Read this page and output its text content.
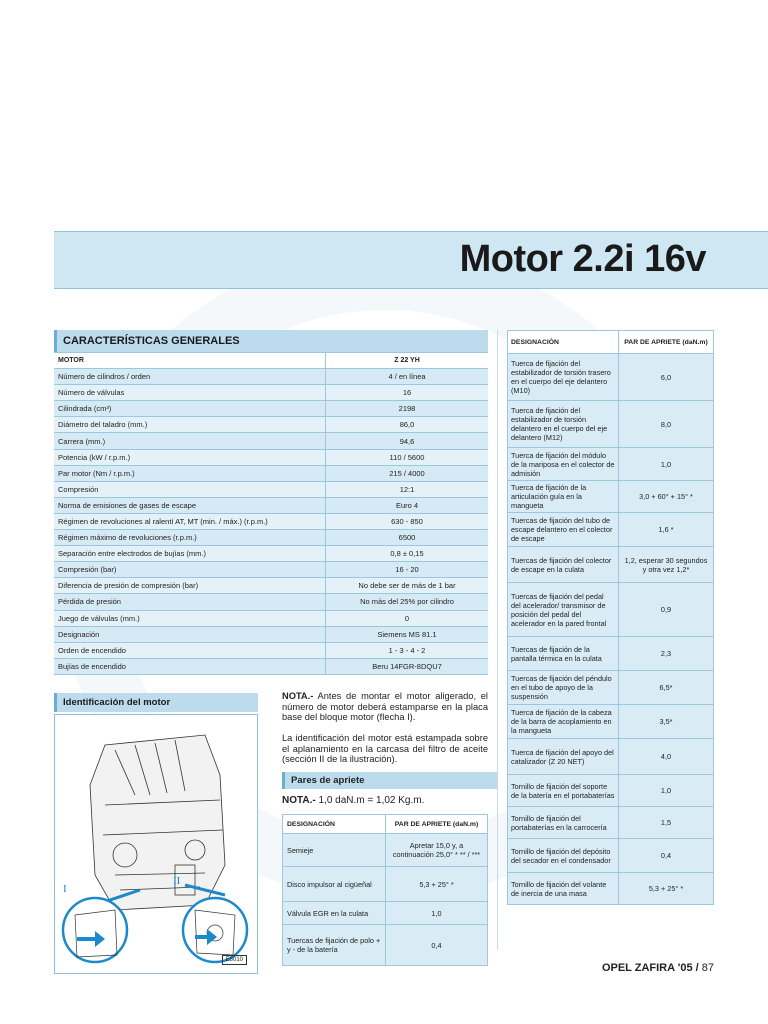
Motor 2.2i 16v
CARACTERÍSTICAS GENERALES
MOTOR	Z 22 YH
Número de cilindros / orden	4 / en línea
Número de válvulas	16
Cilindrada (cm³)	2198
Diámetro del taladro (mm.)	86,0
Carrera (mm.)	94,6
Potencia (kW / r.p.m.)	110 / 5600
Par motor (Nm / r.p.m.)	215 / 4000
Compresión	12:1
Norma de emisiones de gases de escape	Euro 4
Régimen de revoluciones al ralentí AT, MT (min. / máx.) (r.p.m.)	630 - 850
Régimen máximo de revoluciones (r.p.m.)	6500
Separación entre electrodos de bujías (mm.)	0,8 ± 0,15
Compresión (bar)	16 - 20
Diferencia de presión de compresión (bar)	No debe ser de más de 1 bar
Pérdida de presión	No más del 25% por cilindro
Juego de válvulas (mm.)	0
Designación	Siemens MS 81.1
Orden de encendido	1 - 3 - 4 - 2
Bujías de encendido	Beru 14FGR-8DQU7
DESIGNACIÓN	PAR DE APRIETE (daN.m)
Tuerca de fijación del estabilizador de torsión trasero en el cuerpo del eje delantero (M10)	6,0
Tuerca de fijación del estabilizador de torsión delantero en el cuerpo del eje delantero (M12)	8,0
Tuerca de fijación del módulo de la mariposa en el colector de admisión	1,0
Tuerca de fijación de la articulación guía en la mangueta	3,0 + 60° + 15° *
Tuercas de fijación del tubo de escape delantero en el colector de escape	1,6 *
Tuercas de fijación del colector de escape en la culata	1,2, esperar 30 segundos y otra vez 1,2*
Tuercas de fijación del pedal del acelerador/ transmisor de posición del pedal del acelerador en la pared frontal	0,9
Tuercas de fijación de la pantalla térmica en la culata	2,3
Tuercas de fijación del péndulo en el tubo de apoyo de la suspensión	6,5*
Tuerca de fijación de la cabeza de la barra de acoplamiento en la mangueta	3,5*
Tuerca de fijación del apoyo del catalizador (Z 20 NET)	4,0
Tornillo de fijación del soporte de la batería en el portabaterías	1,0
Tornillo de fijación del portabaterías en la carrocería	1,5
Tornillo de fijación del depósito del secador en el condensador	0,4
Tornillo de fijación del volante de inercia de una masa	5,3 + 25° *
Identificación del motor
I
II
E8010
NOTA.- Antes de montar el motor aligerado, el número de motor deberá estamparse en la placa base del bloque motor (flecha I).
La identificación del motor está estampada sobre el aplanamiento en la carcasa del filtro de aceite (sección II de la ilustración).
Pares de apriete
NOTA.- 1,0 daN.m = 1,02 Kg.m.
DESIGNACIÓN	PAR DE APRIETE (daN.m)
Semieje	Apretar 15,0 y, a continuación 25,0° * ** / ***
Disco impulsor al cigüeñal	5,3 + 25° *
Válvula EGR en la culata	1,0
Tuercas de fijación de polo + y - de la batería	0,4
OPEL ZAFIRA '05 / 87
